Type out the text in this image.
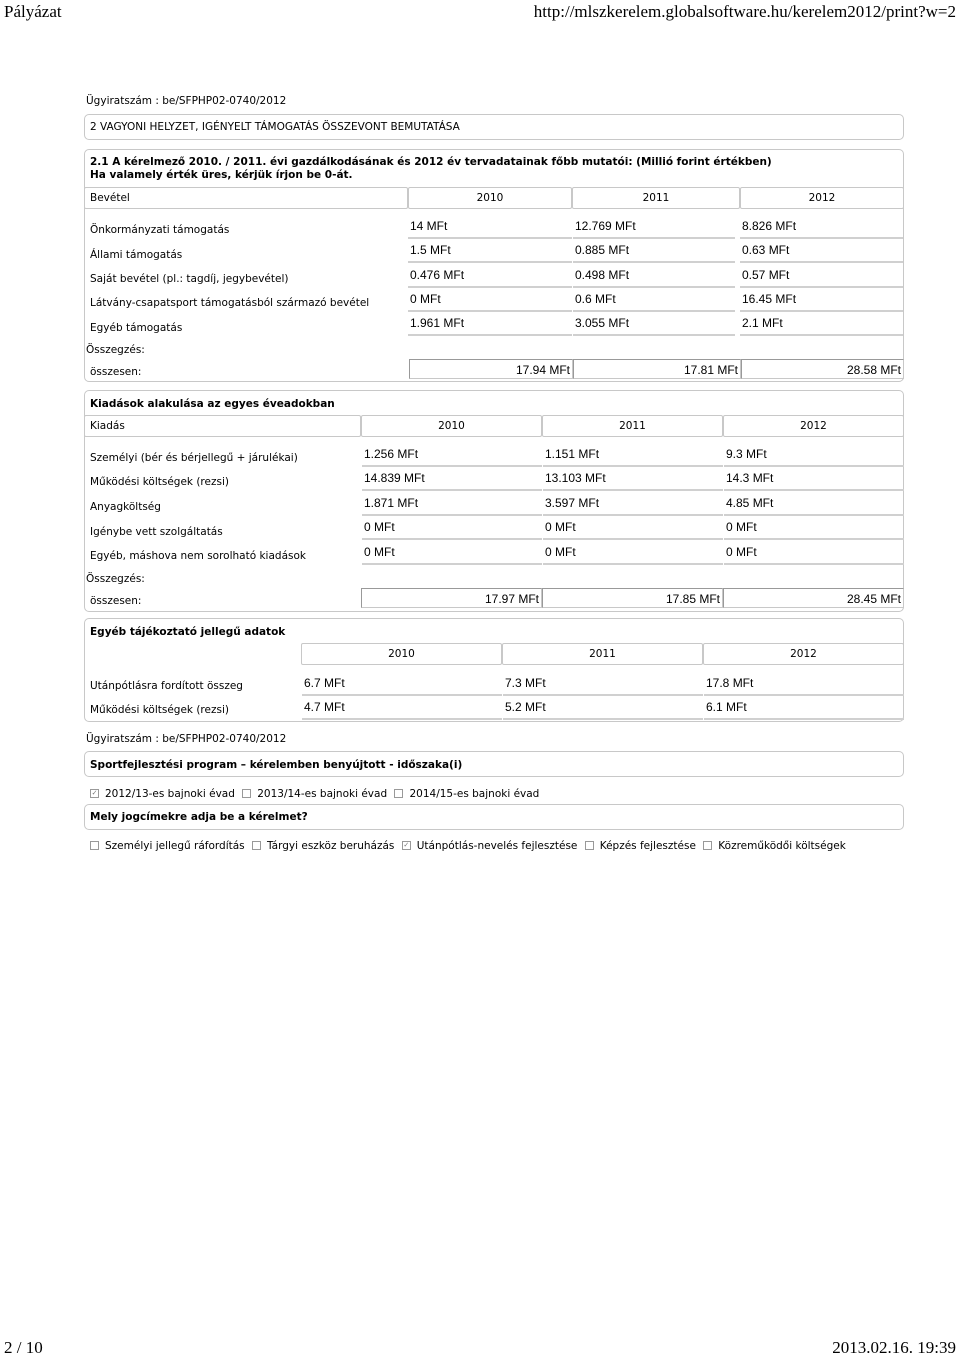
Pályázat	http://mlszkerelem.globalsoftware.hu/kerelem2012/print?w=2
2 / 10	2013.02.16. 19:39
Ügyiratszám : be/SFPHP02-0740/2012
2 VAGYONI HELYZET, IGÉNYELT TÁMOGATÁS ÖSSZEVONT BEMUTATÁSA
2.1 A kérelmező 2010. / 2011. évi gazdálkodásának és 2012 év tervadatainak főbb mutatói: (Millió forint értékben)
Ha valamely érték üres, kérjük írjon be 0-át.
Bevétel	2010	2011	2012
Önkormányzati támogatás	14 MFt	12.769 MFt	8.826 MFt
Állami támogatás	1.5 MFt	0.885 MFt	0.63 MFt
Saját bevétel (pl.: tagdíj, jegybevétel)	0.476 MFt	0.498 MFt	0.57 MFt
Látvány-csapatsport támogatásból származó bevétel	0 MFt	0.6 MFt	16.45 MFt
Egyéb támogatás	1.961 MFt	3.055 MFt	2.1 MFt
Összegzés:
összesen:	17.94 MFt	17.81 MFt	28.58 MFt
Kiadások alakulása az egyes éveadokban
Kiadás	2010	2011	2012
Személyi (bér és bérjellegű + járulékai)	1.256 MFt	1.151 MFt	9.3 MFt
Működési költségek (rezsi)	14.839 MFt	13.103 MFt	14.3 MFt
Anyagköltség	1.871 MFt	3.597 MFt	4.85 MFt
Igénybe vett szolgáltatás	0 MFt	0 MFt	0 MFt
Egyéb, máshova nem sorolható kiadások	0 MFt	0 MFt	0 MFt
Összegzés:
összesen:	17.97 MFt	17.85 MFt	28.45 MFt
Egyéb tájékoztató jellegű adatok
2010	2011	2012
Utánpótlásra fordított összeg	6.7 MFt	7.3 MFt	17.8 MFt
Működési költségek (rezsi)	4.7 MFt	5.2 MFt	6.1 MFt
Ügyiratszám : be/SFPHP02-0740/2012
Sportfejlesztési program – kérelemben benyújtott - időszaka(i)
✓ 2012/13-es bajnoki évad 2013/14-es bajnoki évad 2014/15-es bajnoki évad
Mely jogcímekre adja be a kérelmet?
Személyi jellegű ráfordítás Tárgyi eszköz beruházás ✓ Utánpótlás-nevelés fejlesztése Képzés fejlesztése Közreműködői költségek
